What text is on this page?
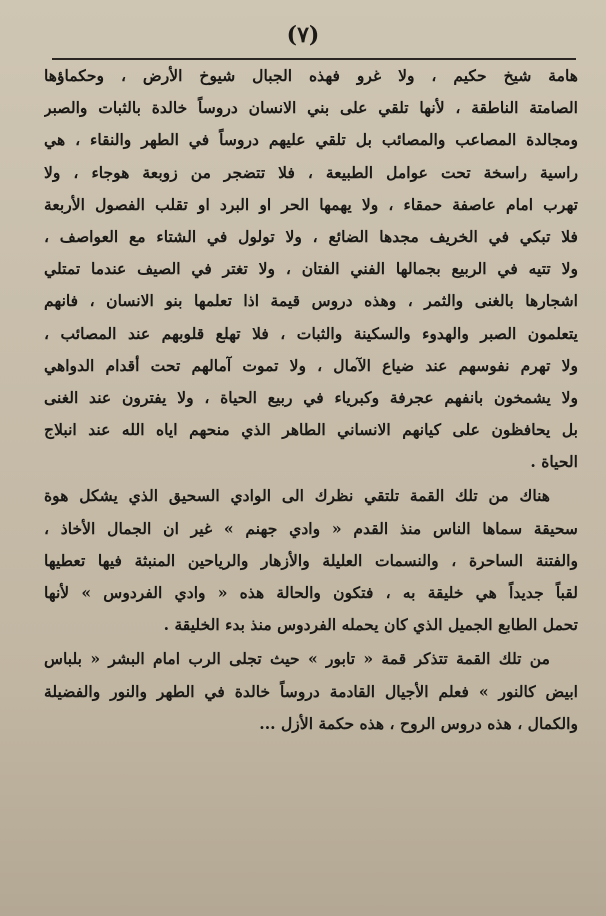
(٧)
هامة شيخ حكيم ، ولا غرو فهذه الجبال شيوخ الأرض ، وحكماؤها
الصامتة الناطقة ، لأنها تلقي على بني الانسان دروساً خالدة بالثبات والصبر
ومجالدة المصاعب والمصائب بل تلقي عليهم دروساً في الطهر والنقاء ، هي
راسية راسخة تحت عوامل الطبيعة ، فلا تتضجر من زوبعة هوجاء ، ولا
تهرب امام عاصفة حمقاء ، ولا يهمها الحر او البرد او تقلب الفصول الأربعة
فلا تبكي في الخريف مجدها الضائع ، ولا تولول في الشتاء مع العواصف ،
ولا تتيه في الربيع بجمالها الفني الفتان ، ولا تغتر في الصيف عندما تمتلي
اشجارها بالغنى والثمر ، وهذه دروس قيمة اذا تعلمها بنو الانسان ، فانهم
يتعلمون الصبر والهدوء والسكينة والثبات ، فلا تهلع قلوبهم عند المصائب ،
ولا تهرم نفوسهم عند ضياع الآمال ، ولا تموت آمالهم تحت أقدام الدواهي
ولا يشمخون بانفهم عجرفة وكبرياء في ربيع الحياة ، ولا يفترون عند الغنى
بل يحافظون على كيانهم الانساني الطاهر الذي منحهم اياه الله عند انبلاج
الحياة .
هناك من تلك القمة تلتقي نظرك الى الوادي السحيق الذي يشكل هوة
سحيقة سماها الناس منذ القدم « وادي جهنم » غير ان الجمال الأخاذ ،
والفتنة الساحرة ، والنسمات العليلة والأزهار والرياحين المنبثة فيها تعطيها
لقباً جديداً هي خليقة به ، فتكون والحالة هذه « وادي الفردوس » لأنها
تحمل الطابع الجميل الذي كان يحمله الفردوس منذ بدء الخليقة .
من تلك القمة تتذكر قمة « تابور » حيث تجلى الرب امام البشر « بلباس
ابيض كالنور » فعلم الأجيال القادمة دروساً خالدة في الطهر والنور والفضيلة
والكمال ، هذه دروس الروح ، هذه حكمة الأزل ...
